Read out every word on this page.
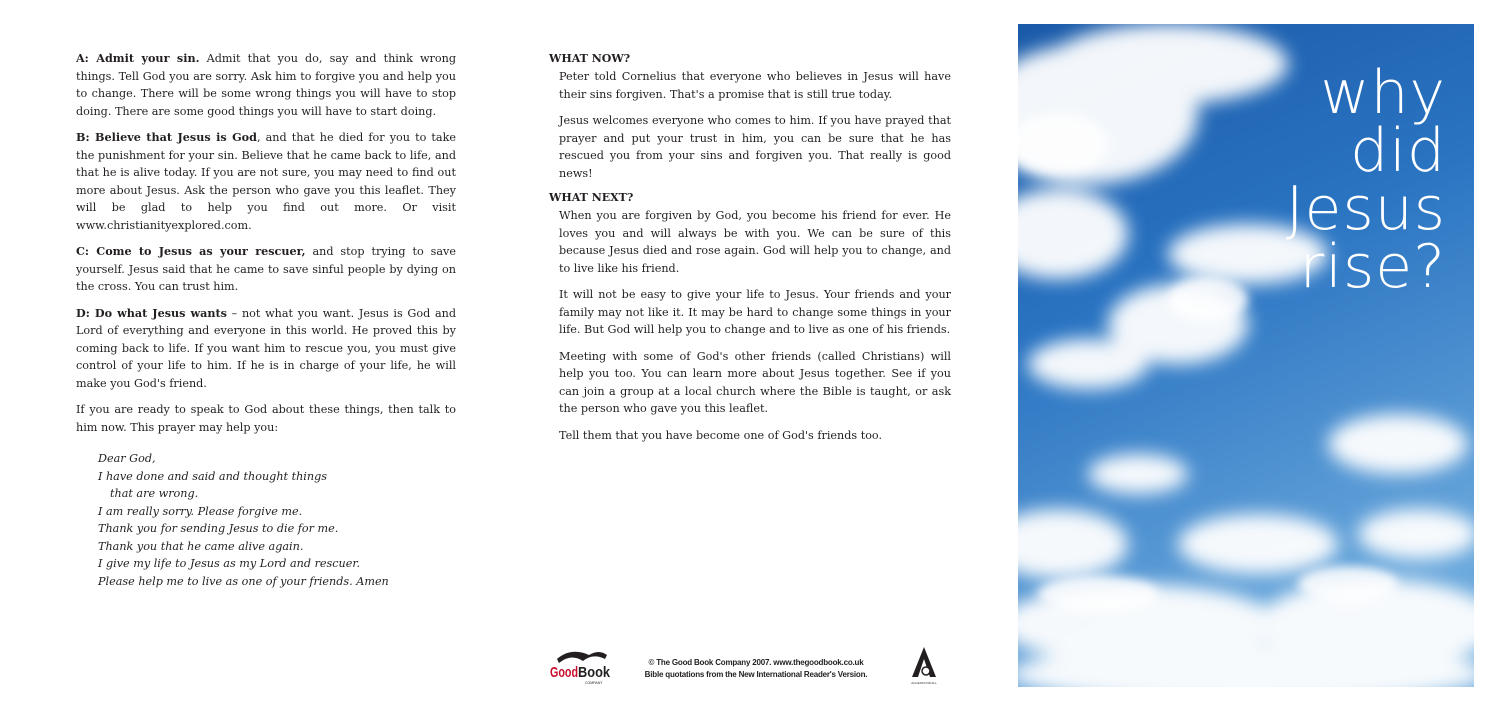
A: Admit your sin. Admit that you do, say and think wrong things. Tell God you are sorry. Ask him to forgive you and help you to change. There will be some wrong things you will have to stop doing. There are some good things you will have to start doing.

B: Believe that Jesus is God, and that he died for you to take the punishment for your sin. Believe that he came back to life, and that he is alive today. If you are not sure, you may need to find out more about Jesus. Ask the person who gave you this leaflet. They will be glad to help you find out more. Or visit www.christianityexplored.com.

C: Come to Jesus as your rescuer, and stop trying to save yourself. Jesus said that he came to save sinful people by dying on the cross. You can trust him.

D: Do what Jesus wants – not what you want. Jesus is God and Lord of everything and everyone in this world. He proved this by coming back to life. If you want him to rescue you, you must give control of your life to him. If he is in charge of your life, he will make you God's friend.

If you are ready to speak to God about these things, then talk to him now. This prayer may help you:

Dear God,
I have done and said and thought things
that are wrong.
I am really sorry. Please forgive me.
Thank you for sending Jesus to die for me.
Thank you that he came alive again.
I give my life to Jesus as my Lord and rescuer.
Please help me to live as one of your friends. Amen
WHAT NOW?

Peter told Cornelius that everyone who believes in Jesus will have their sins forgiven. That's a promise that is still true today.

Jesus welcomes everyone who comes to him. If you have prayed that prayer and put your trust in him, you can be sure that he has rescued you from your sins and forgiven you. That really is good news!

WHAT NEXT?

When you are forgiven by God, you become his friend for ever. He loves you and will always be with you. We can be sure of this because Jesus died and rose again. God will help you to change, and to live like his friend.

It will not be easy to give your life to Jesus. Your friends and your family may not like it. It may be hard to change some things in your life. But God will help you to change and to live as one of his friends.

Meeting with some of God's other friends (called Christians) will help you too. You can learn more about Jesus together. See if you can join a group at a local church where the Bible is taught, or ask the person who gave you this leaflet.

Tell them that you have become one of God's friends too.

THE
Good Book
COMPANY
© The Good Book Company 2007. www.thegoodbook.co.uk
Bible quotations from the New International Reader's Version.
ACCESS FOR ALL
why
did
Jesus
rise?
